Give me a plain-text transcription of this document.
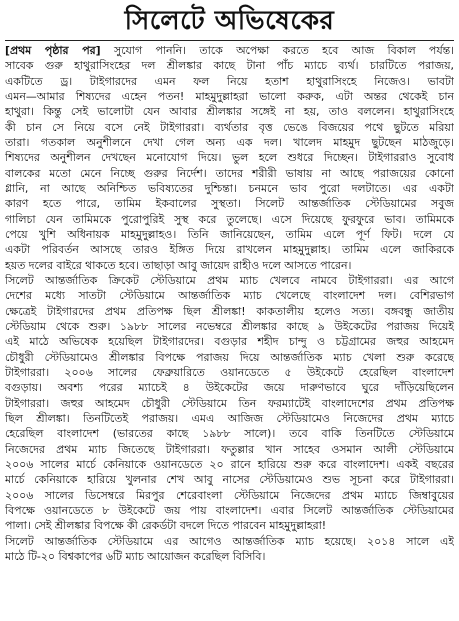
সিলেটে অভিষেকের
[প্রথম পৃষ্ঠার পর] সুযোগ পাননি। তাকে অপেক্ষা করতে হবে আজ বিকাল পর্যন্ত।
সাবেক গুরু হাথুরাসিংহের দল শ্রীলঙ্কার কাছে টানা পাঁচ ম্যাচে ব্যর্থ। চারটিতে পরাজয়,
একটিতে ড্র। টাইগারদের এমন ফল নিয়ে হতাশ হাথুরাসিংহে নিজেও। ভাবটা
এমন—আমার শিষ্যদের এহেন পতন! মাহমুদুল্লাহরা ভালো করুক, এটা অন্তর থেকেই চান
হাথুরা। কিন্তু সেই ভালোটা যেন আবার শ্রীলঙ্কার সঙ্গেই না হয়, তাও বললেন। হাথুরাসিংহে
কী চান সে নিয়ে বসে নেই টাইগাররা। ব্যর্থতার বৃত্ত ভেঙে বিজয়ের পথে ছুটতে মরিয়া
তারা। গতকাল অনুশীলনে দেখা গেল অন্য এক দল। খালেদ মাহমুদ ছুটছেন মাঠজুড়ে।
শিষ্যদের অনুশীলন দেখছেন মনোযোগ দিয়ে। ভুল হলে শুধরে দিচ্ছেন। টাইগাররাও সুবোধ
বালকের মতো মেনে নিচ্ছে গুরুর নির্দেশ। তাদের শরীরী ভাষায় না আছে পরাজয়ের কোনো
গ্লানি, না আছে অনিশ্চিত ভবিষ্যতের দুশ্চিন্তা। চনমনে ভাব পুরো দলটাতে। এর একটা
কারণ হতে পারে, তামিম ইকবালের সুস্থতা। সিলেট আন্তর্জাতিক স্টেডিয়ামের সবুজ
গালিচা যেন তামিমকে পুরোপুরিই সুস্থ করে তুলেছে। এসে দিয়েছে ফুরফুরে ভাব। তামিমকে
পেয়ে খুশি অধিনায়ক মাহমুদুল্লাহও। তিনি জানিয়েছেন, তামিম এলে পূর্ণ ফিট। দলে যে
একটা পরিবর্তন আসছে তারও ইঙ্গিত দিয়ে রাখলেন মাহমুদুল্লাহ। তামিম এলে জাকিরকে
হয়ত দলের বাইরে থাকতে হবে। তাছাড়া আবু জায়েদ রাহীও দলে আসতে পারেন।
সিলেট আন্তর্জাতিক ক্রিকেট স্টেডিয়ামে প্রথম ম্যাচ খেলবে নামবে টাইগাররা। এর আগে
দেশের মধ্যে সাতটা স্টেডিয়ামে আন্তর্জাতিক ম্যাচ খেলেছে বাংলাদেশ দল। বেশিরভাগ
ক্ষেত্রেই টাইগারদের প্রথম প্রতিপক্ষ ছিল শ্রীলঙ্কা! কাকতালীয় হলেও সত্য। বঙ্গবন্ধু জাতীয়
স্টেডিয়াম থেকে শুরু। ১৯৮৮ সালের নভেম্বরে শ্রীলঙ্কার কাছে ৯ উইকেটের পরাজয় দিয়েই
এই মাঠে অভিষেক হয়েছিল টাইগারদের। বগুড়ার শহীদ চান্দু ও চট্টগ্রামের জহুর আহমেদ
চৌধুরী স্টেডিয়ামেও শ্রীলঙ্কার বিপক্ষে পরাজয় দিয়ে আন্তর্জাতিক ম্যাচ খেলা শুরু করেছে
টাইগাররা। ২০০৬ সালের ফেব্রুয়ারিতে ওয়ানডেতে ৫ উইকেটে হেরেছিল বাংলাদেশ
বগুড়ায়। অবশ্য পরের ম্যাচেই ৪ উইকেটের জয়ে দারুণভাবে ঘুরে দাঁড়িয়েছিলেন
টাইগাররা। জহুর আহমেদ চৌধুরী স্টেডিয়ামে তিন ফরম্যাটেই বাংলাদেশের প্রথম প্রতিপক্ষ
ছিল শ্রীলঙ্কা। তিনটিতেই পরাজয়। এমএ আজিজ স্টেডিয়ামেও নিজেদের প্রথম ম্যাচে
হেরেছিল বাংলাদেশ (ভারতের কাছে ১৯৮৮ সালে)। তবে বাকি তিনটিতে স্টেডিয়ামে
নিজেদের প্রথম ম্যাচ জিতেছে টাইগাররা। ফতুল্লার খান সাহেব ওসমান আলী স্টেডিয়ামে
২০০৬ সালের মার্চে কেনিয়াকে ওয়ানডেতে ২০ রানে হারিয়ে শুরু করে বাংলাদেশ। একই বছরের
মার্চে কেনিয়াকে হারিয়ে খুলনার শেখ আবু নাসের স্টেডিয়ামেও শুভ সূচনা করে টাইগাররা।
২০০৬ সালের ডিসেম্বরে মিরপুর শেরেবাংলা স্টেডিয়ামে নিজেদের প্রথম ম্যাচে জিম্বাবুয়ের
বিপক্ষে ওয়ানডেতে ৮ উইকেটে জয় পায় বাংলাদেশ। এবার সিলেট আন্তর্জাতিক স্টেডিয়ামের
পালা। সেই শ্রীলঙ্কার বিপক্ষে কী রেকর্ডটা বদলে দিতে পারবেন মাহমুদুল্লাহরা!
সিলেট আন্তর্জাতিক স্টেডিয়ামে এর আগেও আন্তর্জাতিক ম্যাচ হয়েছে। ২০১৪ সালে এই
মাঠে টি-২০ বিশ্বকাপের ৬টি ম্যাচ আয়োজন করেছিল বিসিবি।
